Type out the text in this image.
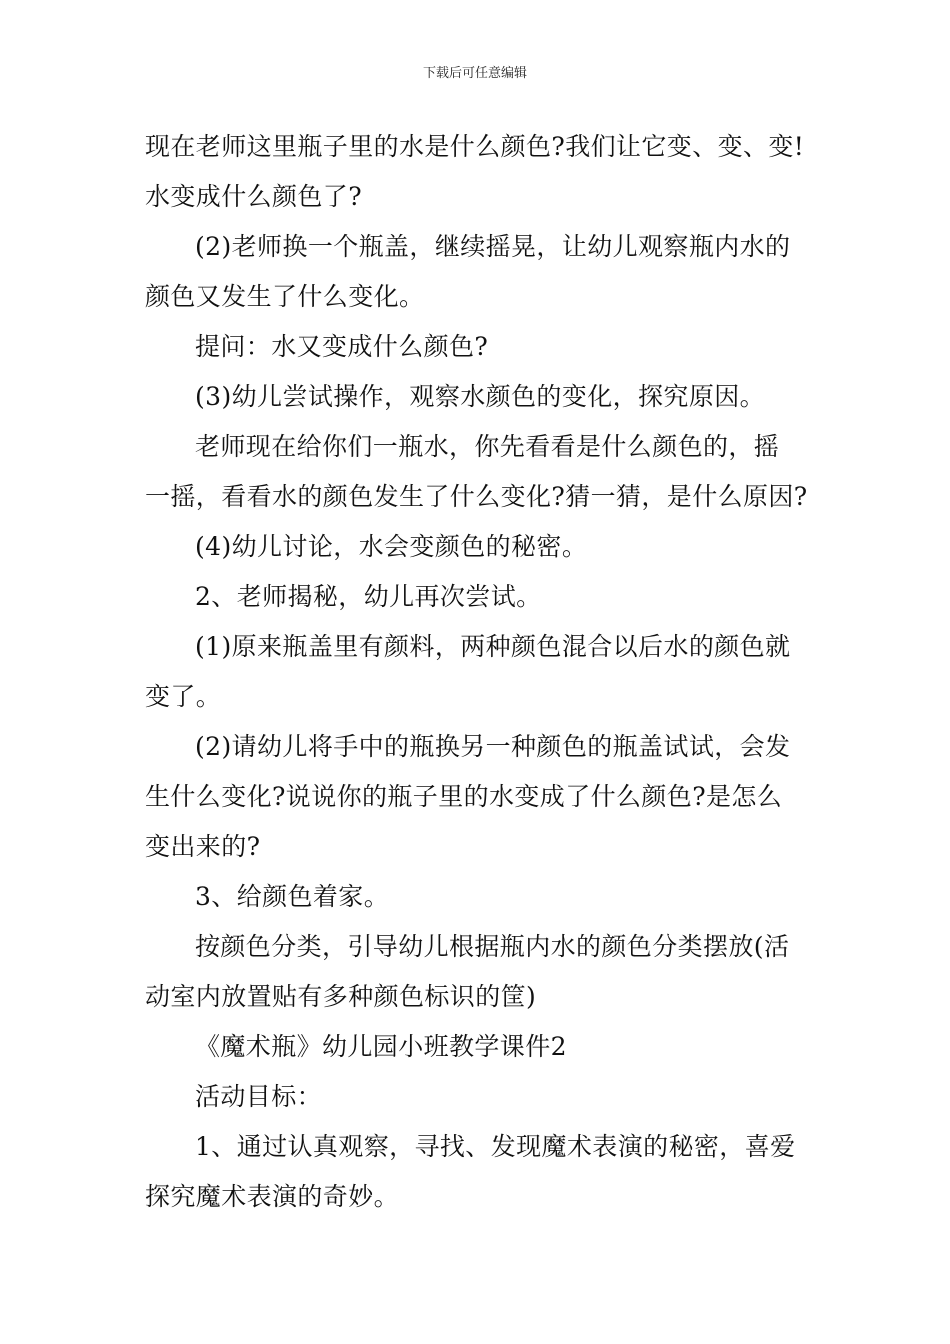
下载后可任意编辑

现在老师这里瓶子里的水是什么颜色?我们让它变、变、变!

水变成什么颜色了?

(2)老师换一个瓶盖，继续摇晃，让幼儿观察瓶内水的

颜色又发生了什么变化。

提问：水又变成什么颜色?

(3)幼儿尝试操作，观察水颜色的变化，探究原因。

老师现在给你们一瓶水，你先看看是什么颜色的，摇

一摇，看看水的颜色发生了什么变化?猜一猜，是什么原因?

(4)幼儿讨论，水会变颜色的秘密。

2、老师揭秘，幼儿再次尝试。

(1)原来瓶盖里有颜料，两种颜色混合以后水的颜色就

变了。

(2)请幼儿将手中的瓶换另一种颜色的瓶盖试试，会发

生什么变化?说说你的瓶子里的水变成了什么颜色?是怎么

变出来的?

3、给颜色着家。

按颜色分类，引导幼儿根据瓶内水的颜色分类摆放(活

动室内放置贴有多种颜色标识的筐)

《魔术瓶》幼儿园小班教学课件2

活动目标：

1、通过认真观察，寻找、发现魔术表演的秘密，喜爱

探究魔术表演的奇妙。
